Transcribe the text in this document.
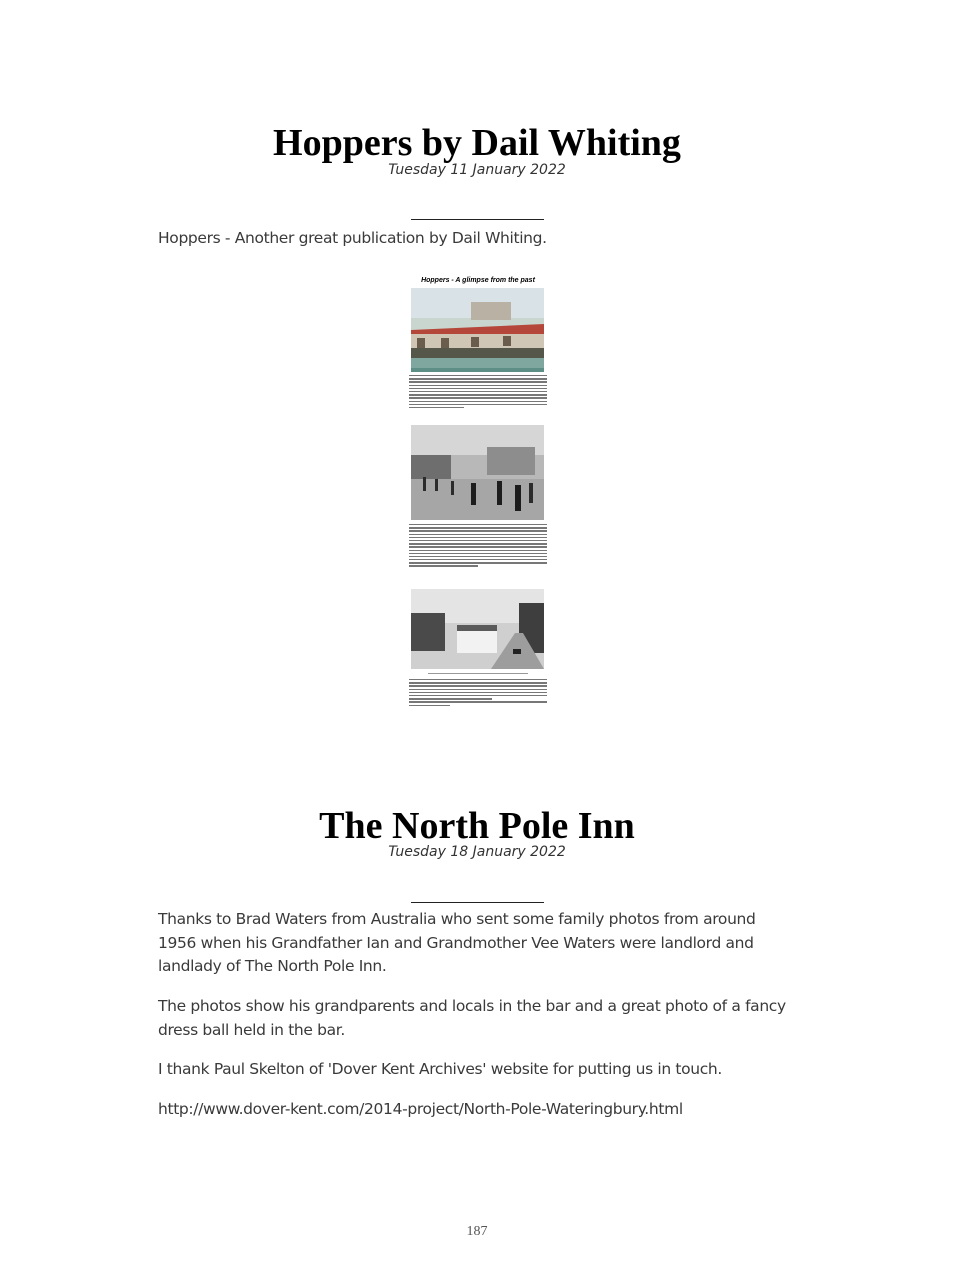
Hoppers by Dail Whiting
Tuesday 11 January 2022

Hoppers - Another great publication by Dail Whiting.

Hoppers - A glimpse from the past
The North Pole Inn
Tuesday 18 January 2022

Thanks to Brad Waters from Australia who sent some family photos from around 1956 when his Grandfather Ian and Grandmother Vee Waters were landlord and landlady of The North Pole Inn.

The photos show his grandparents and locals in the bar and a great photo of a fancy dress ball held in the bar.

I thank Paul Skelton of 'Dover Kent Archives' website for putting us in touch.

http://www.dover-kent.com/2014-project/North-Pole-Wateringbury.html

187
